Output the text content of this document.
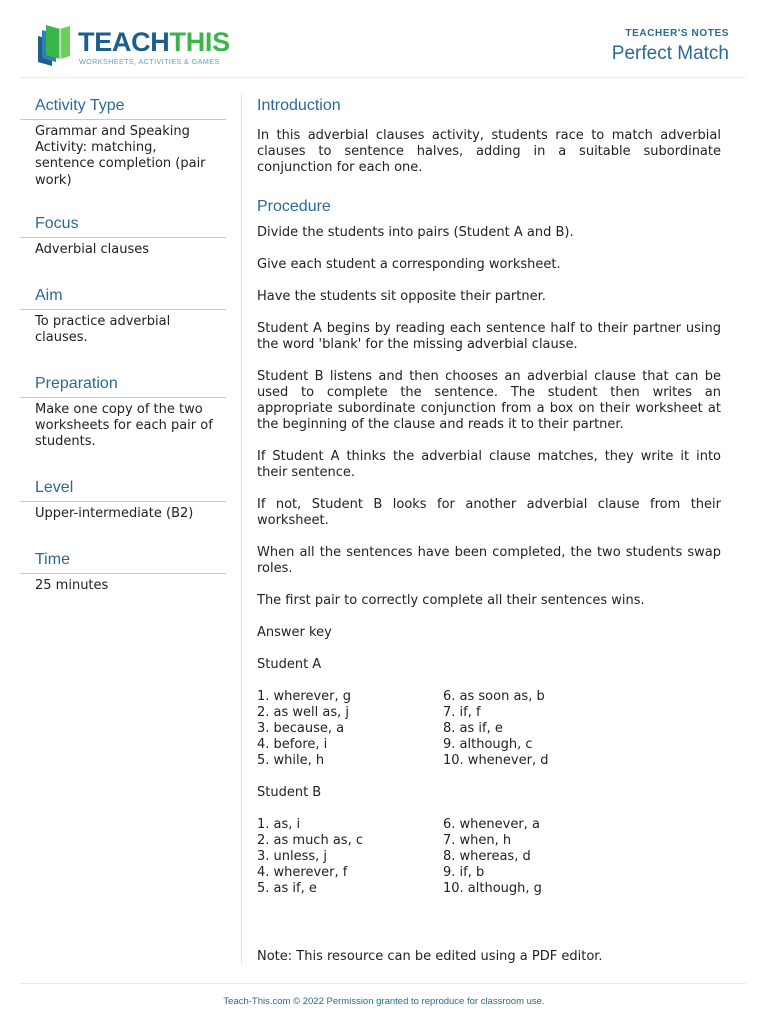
TEACHTHIS
WORKSHEETS, ACTIVITIES & GAMES
TEACHER'S NOTES
Perfect Match
Activity Type
Grammar and Speaking Activity: matching, sentence completion (pair work)
Focus
Adverbial clauses
Aim
To practice adverbial clauses.
Preparation
Make one copy of the two worksheets for each pair of students.
Level
Upper-intermediate (B2)
Time
25 minutes
Introduction

In this adverbial clauses activity, students race to match adverbial clauses to sentence halves, adding in a suitable subordinate conjunction for each one.

Procedure

Divide the students into pairs (Student A and B).

Give each student a corresponding worksheet.

Have the students sit opposite their partner.

Student A begins by reading each sentence half to their partner using the word 'blank' for the missing adverbial clause.

Student B listens and then chooses an adverbial clause that can be used to complete the sentence. The student then writes an appropriate subordinate conjunction from a box on their worksheet at the beginning of the clause and reads it to their partner.

If Student A thinks the adverbial clause matches, they write it into their sentence.

If not, Student B looks for another adverbial clause from their worksheet.

When all the sentences have been completed, the two students swap roles.

The first pair to correctly complete all their sentences wins.

Answer key

Student A

1. wherever, g	6. as soon as, b
2. as well as, j	7. if, f
3. because, a	8. as if, e
4. before, i	9. although, c
5. while, h	10. whenever, d

Student B

1. as, i	6. whenever, a
2. as much as, c	7. when, h
3. unless, j	8. whereas, d
4. wherever, f	9. if, b
5. as if, e	10. although, g
Note: This resource can be edited using a PDF editor.
Teach-This.com © 2022 Permission granted to reproduce for classroom use.
